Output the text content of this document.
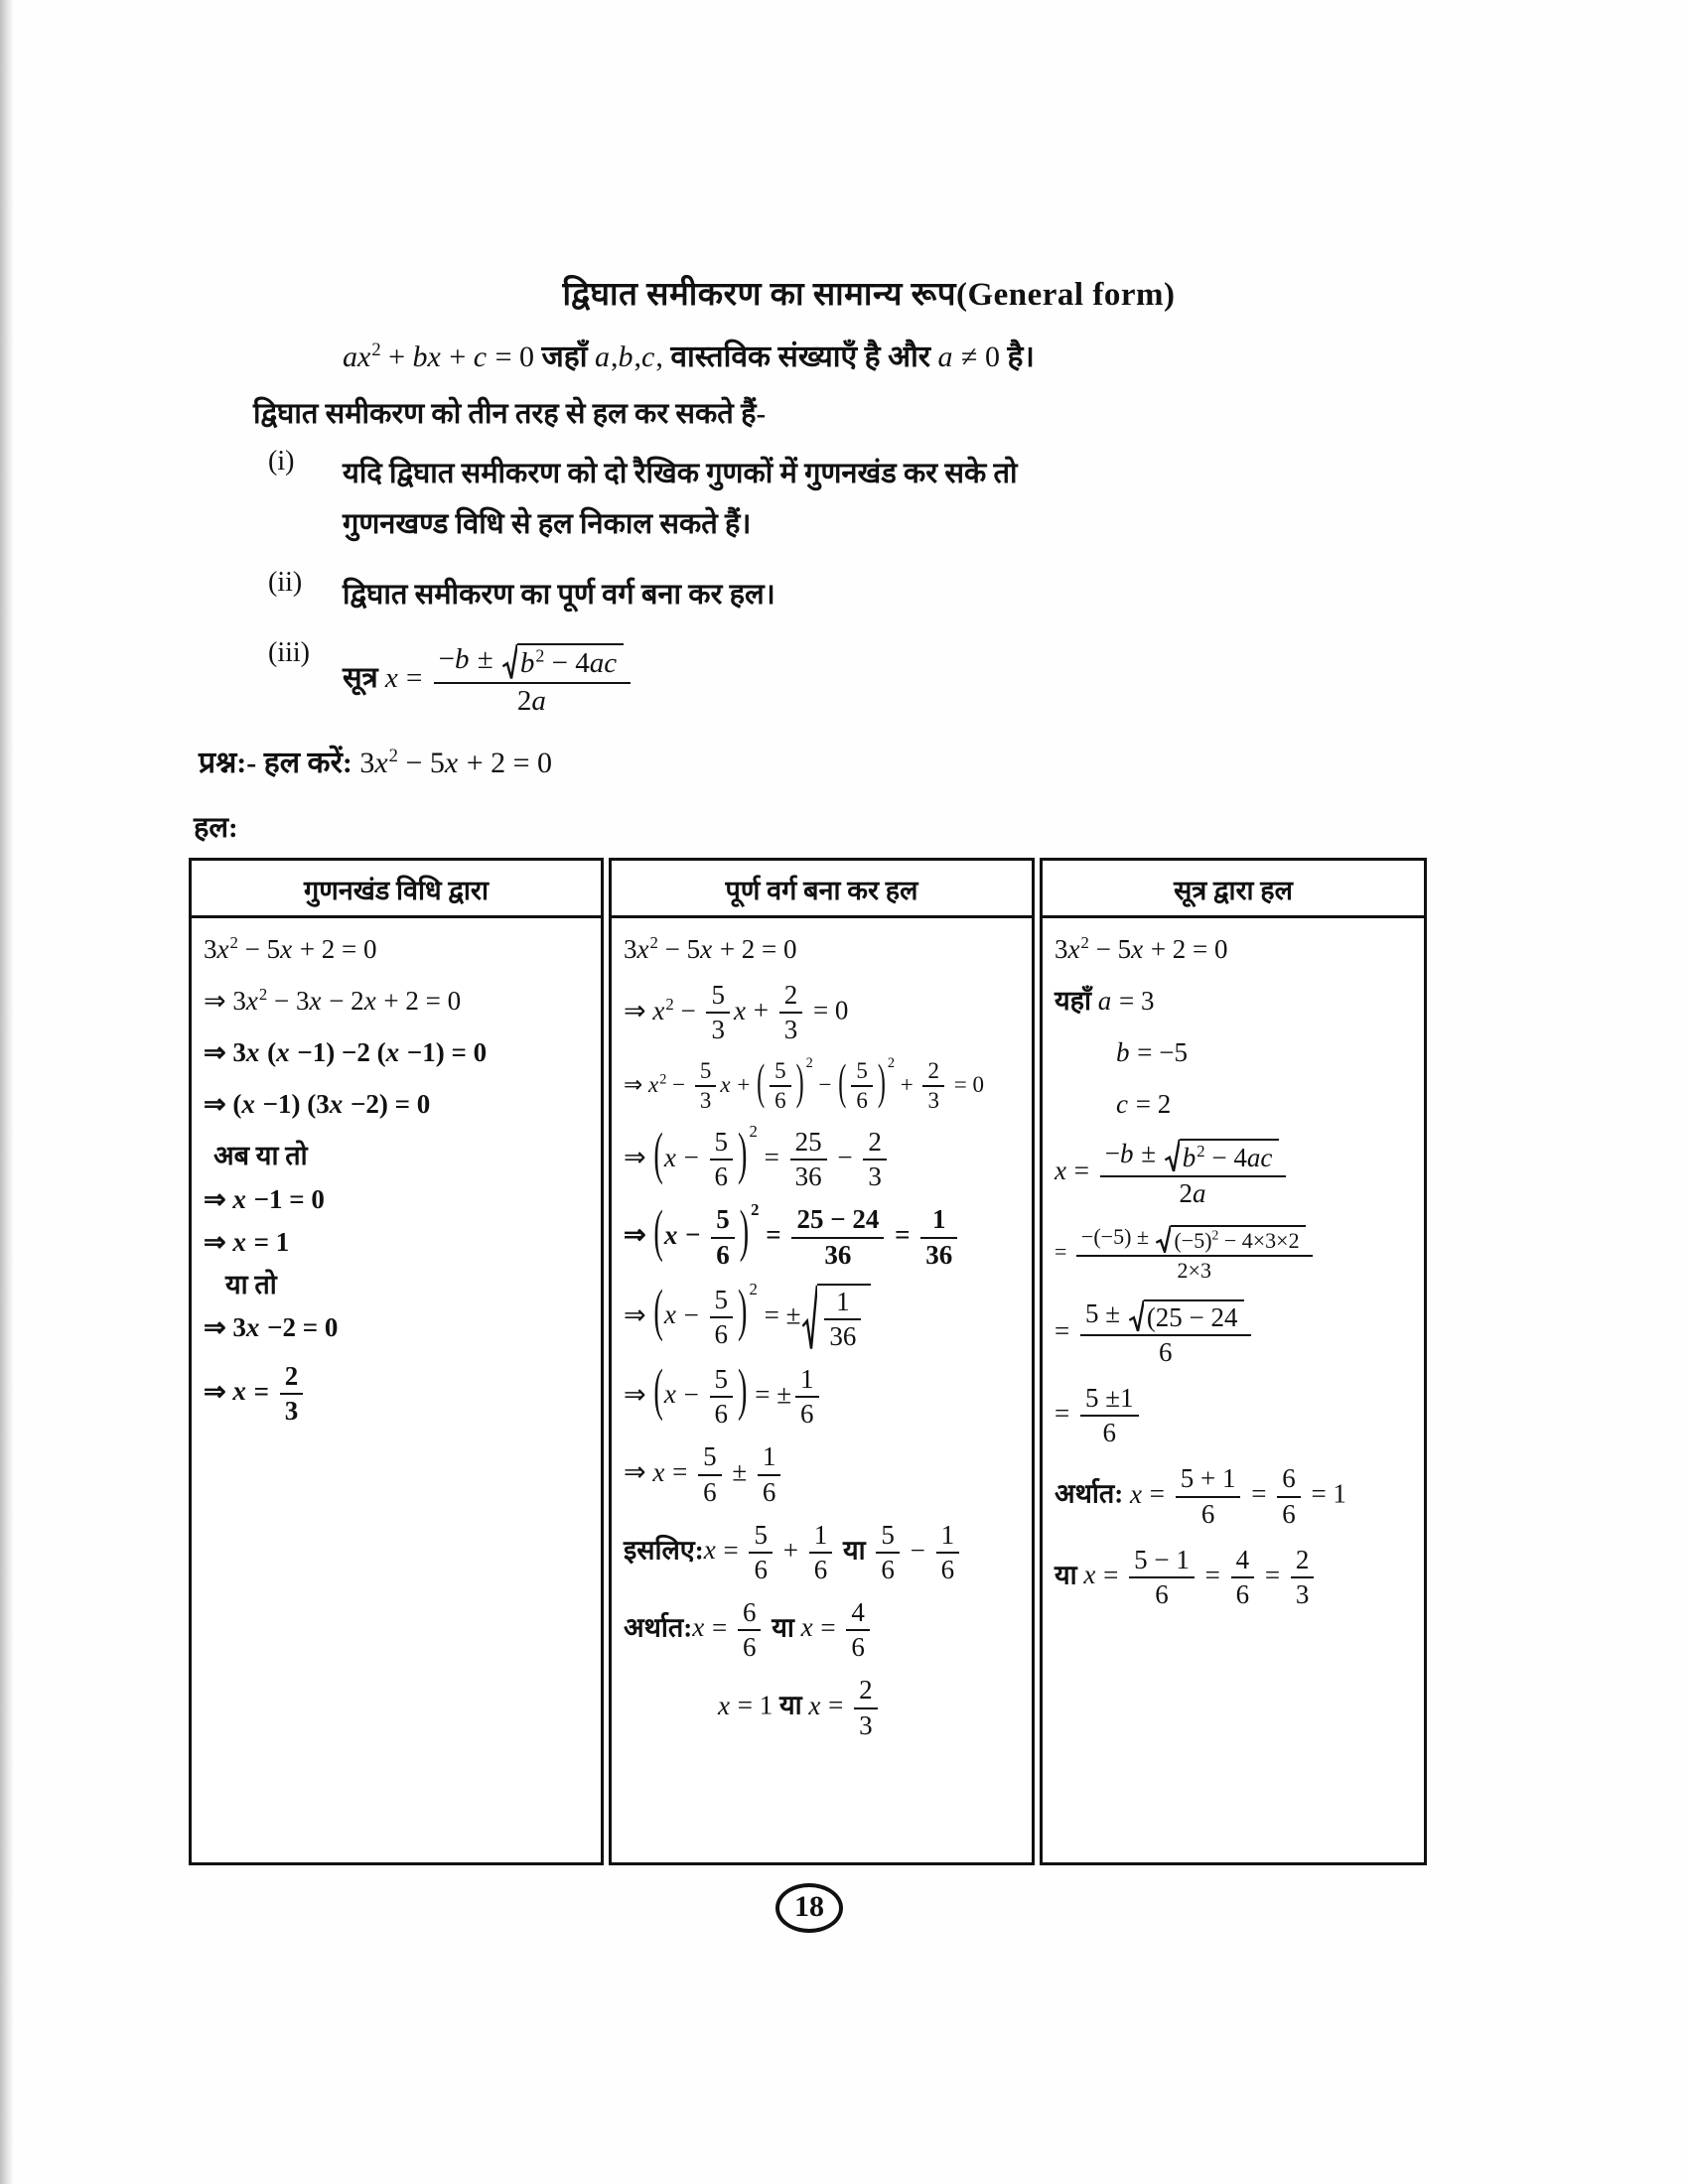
द्विघात समीकरण का सामान्य रूप(General form)
$ax^2$ + bx + c = 0 जहाँ a,b,c, वास्तविक संख्याएँ है और a ≠ 0 है।
द्विघात समीकरण को तीन तरह से हल कर सकते हैं-
(i)	यदि द्विघात समीकरण को दो रैखिक गुणकों में गुणनखंड कर सके तो
गुणनखण्ड विधि से हल निकाल सकते हैं।
(ii)	द्विघात समीकरण का पूर्ण वर्ग बना कर हल।
(iii)
सूत्र $x = \frac{-b \pm b^2 - 4ac}{2a}$
प्रश्न:- हल करें: $3x^2 - 5x + 2 = 0$
हल:
गुणनखंड विधि द्वारा
$3x^2 - 5x + 2 = 0$
⇒ $3x^2 - 3x - 2x + 2 = 0$
⇒ 3x (x −1) −2 (x −1) = 0
⇒ (x −1) (3x −2) = 0
अब या तो
⇒ x −1 = 0
⇒ x = 1
या तो
⇒ 3x −2 = 0
⇒ $x = \frac{2}{3}$
पूर्ण वर्ग बना कर हल
$3x^2 - 5x + 2 = 0$
⇒ $x^2 - \frac{5}{3}$ $x + \frac{2}{3} = 0$
⇒ $x^2 - \frac{5}{3}$ x + ( $\frac{5}{6}$ ) $^2$ − ( $\frac{5}{6}$ ) $^2 + \frac{2}{3} = 0$
⇒ ($x - \frac{5}{6}$ ) $^2 = \frac{25}{36} - \frac{2}{3}$
⇒ ($x - \frac{5}{6}$ ) $^2 = \frac{25 - 24}{36} = \frac{1}{36}$
⇒ ($x - \frac{5}{6}$ ) $^2$ = ± $\frac{1}{36}$
⇒ ($x - \frac{5}{6}$ ) = ± $\frac{1}{6}$
⇒ $x = \frac{5}{6} \pm \frac{1}{6}$
इसलिए:x = $\frac{5}{6} + \frac{1}{6}$ या $\frac{5}{6} - \frac{1}{6}$
अर्थात:x = $\frac{6}{6}$ या $x = \frac{4}{6}$
x = 1 या $x = \frac{2}{3}$
सूत्र द्वारा हल
$3x^2 - 5x + 2 = 0$
यहाँ a = 3
b = −5
c = 2
$x = \frac{-b \pm b^2 - 4ac}{2a}$
= $\frac{-(-5) \pm (-5)^2 - 4\times 3\times 2}{2\times 3}$
= $\frac{5 \pm (25 - 24}{6}$
= $\frac{5 \pm 1}{6}$
अर्थात: $x = \frac{5 + 1}{6} = \frac{6}{6} = 1$
या $x = \frac{5 - 1}{6} = \frac{4}{6} = \frac{2}{3}$
18
